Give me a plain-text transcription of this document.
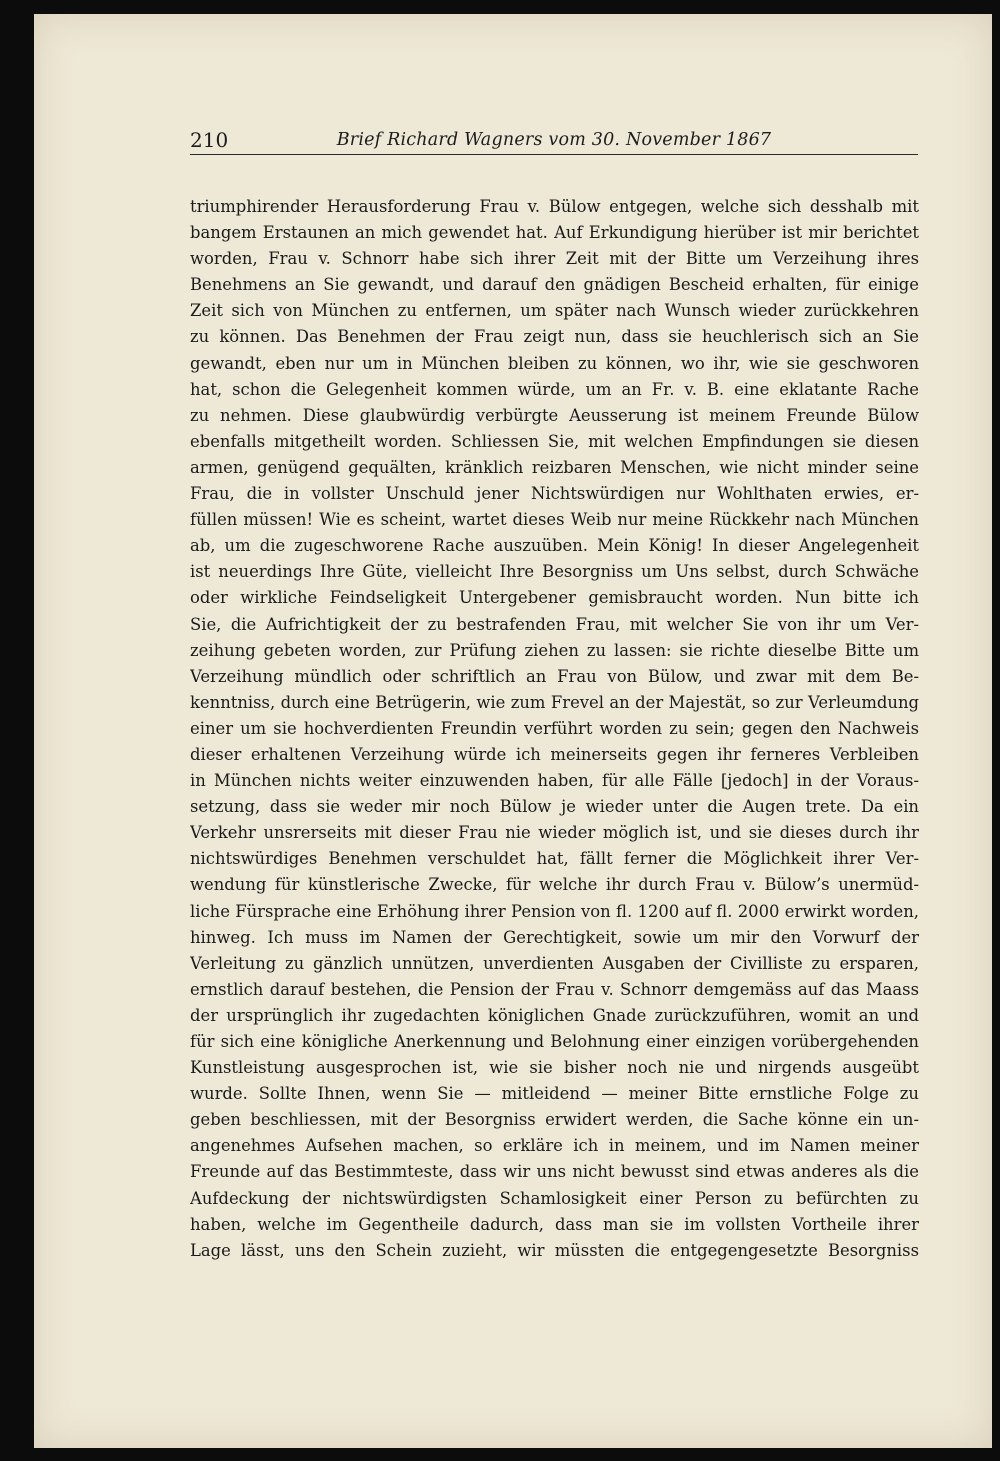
210	Brief Richard Wagners vom 30. November 1867
triumphirender Herausforderung Frau v. Bülow entgegen, welche sich desshalb mit
bangem Erstaunen an mich gewendet hat. Auf Erkundigung hierüber ist mir berichtet
worden, Frau v. Schnorr habe sich ihrer Zeit mit der Bitte um Verzeihung ihres
Benehmens an Sie gewandt, und darauf den gnädigen Bescheid erhalten, für einige
Zeit sich von München zu entfernen, um später nach Wunsch wieder zurückkehren
zu können. Das Benehmen der Frau zeigt nun, dass sie heuchlerisch sich an Sie
gewandt, eben nur um in München bleiben zu können, wo ihr, wie sie geschworen
hat, schon die Gelegenheit kommen würde, um an Fr. v. B. eine eklatante Rache
zu nehmen. Diese glaubwürdig verbürgte Aeusserung ist meinem Freunde Bülow
ebenfalls mitgetheilt worden. Schliessen Sie, mit welchen Empfindungen sie diesen
armen, genügend gequälten, kränklich reizbaren Menschen, wie nicht minder seine
Frau, die in vollster Unschuld jener Nichtswürdigen nur Wohlthaten erwies, er-
füllen müssen! Wie es scheint, wartet dieses Weib nur meine Rückkehr nach München
ab, um die zugeschworene Rache auszuüben. Mein König! In dieser Angelegenheit
ist neuerdings Ihre Güte, vielleicht Ihre Besorgniss um Uns selbst, durch Schwäche
oder wirkliche Feindseligkeit Untergebener gemisbraucht worden. Nun bitte ich
Sie, die Aufrichtigkeit der zu bestrafenden Frau, mit welcher Sie von ihr um Ver-
zeihung gebeten worden, zur Prüfung ziehen zu lassen: sie richte dieselbe Bitte um
Verzeihung mündlich oder schriftlich an Frau von Bülow, und zwar mit dem Be-
kenntniss, durch eine Betrügerin, wie zum Frevel an der Majestät, so zur Verleumdung
einer um sie hochverdienten Freundin verführt worden zu sein; gegen den Nachweis
dieser erhaltenen Verzeihung würde ich meinerseits gegen ihr ferneres Verbleiben
in München nichts weiter einzuwenden haben, für alle Fälle [jedoch] in der Voraus-
setzung, dass sie weder mir noch Bülow je wieder unter die Augen trete. Da ein
Verkehr unsrerseits mit dieser Frau nie wieder möglich ist, und sie dieses durch ihr
nichtswürdiges Benehmen verschuldet hat, fällt ferner die Möglichkeit ihrer Ver-
wendung für künstlerische Zwecke, für welche ihr durch Frau v. Bülow’s unermüd-
liche Fürsprache eine Erhöhung ihrer Pension von fl. 1200 auf fl. 2000 erwirkt worden,
hinweg. Ich muss im Namen der Gerechtigkeit, sowie um mir den Vorwurf der
Verleitung zu gänzlich unnützen, unverdienten Ausgaben der Civilliste zu ersparen,
ernstlich darauf bestehen, die Pension der Frau v. Schnorr demgemäss auf das Maass
der ursprünglich ihr zugedachten königlichen Gnade zurückzuführen, womit an und
für sich eine königliche Anerkennung und Belohnung einer einzigen vorübergehenden
Kunstleistung ausgesprochen ist, wie sie bisher noch nie und nirgends ausgeübt
wurde. Sollte Ihnen, wenn Sie — mitleidend — meiner Bitte ernstliche Folge zu
geben beschliessen, mit der Besorgniss erwidert werden, die Sache könne ein un-
angenehmes Aufsehen machen, so erkläre ich in meinem, und im Namen meiner
Freunde auf das Bestimmteste, dass wir uns nicht bewusst sind etwas anderes als die
Aufdeckung der nichtswürdigsten Schamlosigkeit einer Person zu befürchten zu
haben, welche im Gegentheile dadurch, dass man sie im vollsten Vortheile ihrer
Lage lässt, uns den Schein zuzieht, wir müssten die entgegengesetzte Besorgniss
